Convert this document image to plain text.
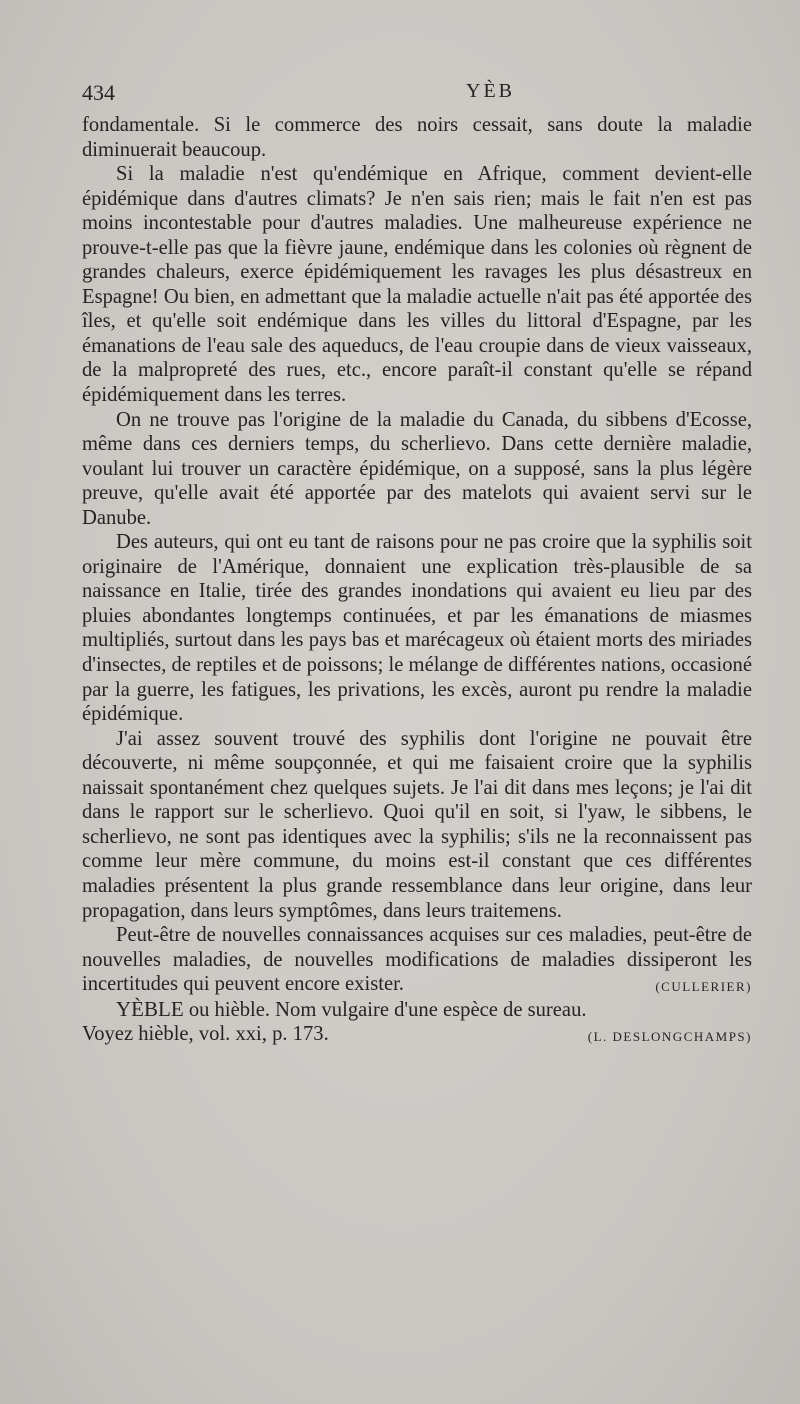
434	YÈB

fondamentale. Si le commerce des noirs cessait, sans doute la maladie diminuerait beaucoup.

Si la maladie n'est qu'endémique en Afrique, comment devient-elle épidémique dans d'autres climats? Je n'en sais rien; mais le fait n'en est pas moins incontestable pour d'autres maladies. Une malheureuse expérience ne prouve-t-elle pas que la fièvre jaune, endémique dans les colonies où règnent de grandes chaleurs, exerce épidémiquement les ravages les plus désastreux en Espagne! Ou bien, en admettant que la maladie actuelle n'ait pas été apportée des îles, et qu'elle soit endémique dans les villes du littoral d'Espagne, par les émanations de l'eau sale des aqueducs, de l'eau croupie dans de vieux vaisseaux, de la malpropreté des rues, etc., encore paraît-il constant qu'elle se répand épidémiquement dans les terres.

On ne trouve pas l'origine de la maladie du Canada, du sibbens d'Ecosse, même dans ces derniers temps, du scherlievo. Dans cette dernière maladie, voulant lui trouver un caractère épidémique, on a supposé, sans la plus légère preuve, qu'elle avait été apportée par des matelots qui avaient servi sur le Danube.

Des auteurs, qui ont eu tant de raisons pour ne pas croire que la syphilis soit originaire de l'Amérique, donnaient une explication très-plausible de sa naissance en Italie, tirée des grandes inondations qui avaient eu lieu par des pluies abondantes longtemps continuées, et par les émanations de miasmes multipliés, surtout dans les pays bas et marécageux où étaient morts des miriades d'insectes, de reptiles et de poissons; le mélange de différentes nations, occasioné par la guerre, les fatigues, les privations, les excès, auront pu rendre la maladie épidémique.

J'ai assez souvent trouvé des syphilis dont l'origine ne pouvait être découverte, ni même soupçonnée, et qui me faisaient croire que la syphilis naissait spontanément chez quelques sujets. Je l'ai dit dans mes leçons; je l'ai dit dans le rapport sur le scherlievo. Quoi qu'il en soit, si l'yaw, le sibbens, le scherlievo, ne sont pas identiques avec la syphilis; s'ils ne la reconnaissent pas comme leur mère commune, du moins est-il constant que ces différentes maladies présentent la plus grande ressemblance dans leur origine, dans leur propagation, dans leurs symptômes, dans leurs traitemens.

Peut-être de nouvelles connaissances acquises sur ces maladies, peut-être de nouvelles maladies, de nouvelles modifications de maladies dissiperont les incertitudes qui peuvent encore exister.	(CULLERIER)

YÈBLE ou hièble. Nom vulgaire d'une espèce de sureau.

Voyez hièble, vol. xxi, p. 173.	(L. DESLONGCHAMPS)
